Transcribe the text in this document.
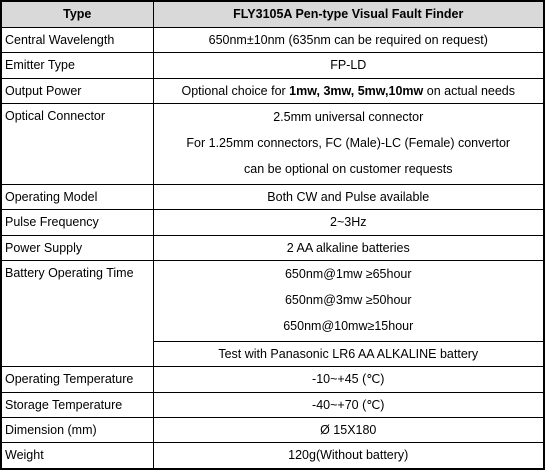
Type	FLY3105A Pen-type Visual Fault Finder
Central Wavelength	650nm±10nm (635nm can be required on request)
Emitter Type	FP-LD
Output Power	Optional choice for 1mw, 3mw, 5mw,10mw on actual needs
Optical Connector	2.5mm universal connector
For 1.25mm connectors, FC (Male)-LC (Female) convertor
can be optional on customer requests

Operating Model	Both CW and Pulse available
Pulse Frequency	2~3Hz
Power Supply	2 AA alkaline batteries
Battery Operating Time	650nm@1mw ≥65hour
650nm@3mw ≥50hour
650nm@10mw≥15hour

	Test with Panasonic LR6 AA ALKALINE battery
Operating Temperature	-10~+45 (℃)
Storage Temperature	-40~+70 (℃)
Dimension (mm)	Ø 15X180
Weight	120g(Without battery)
